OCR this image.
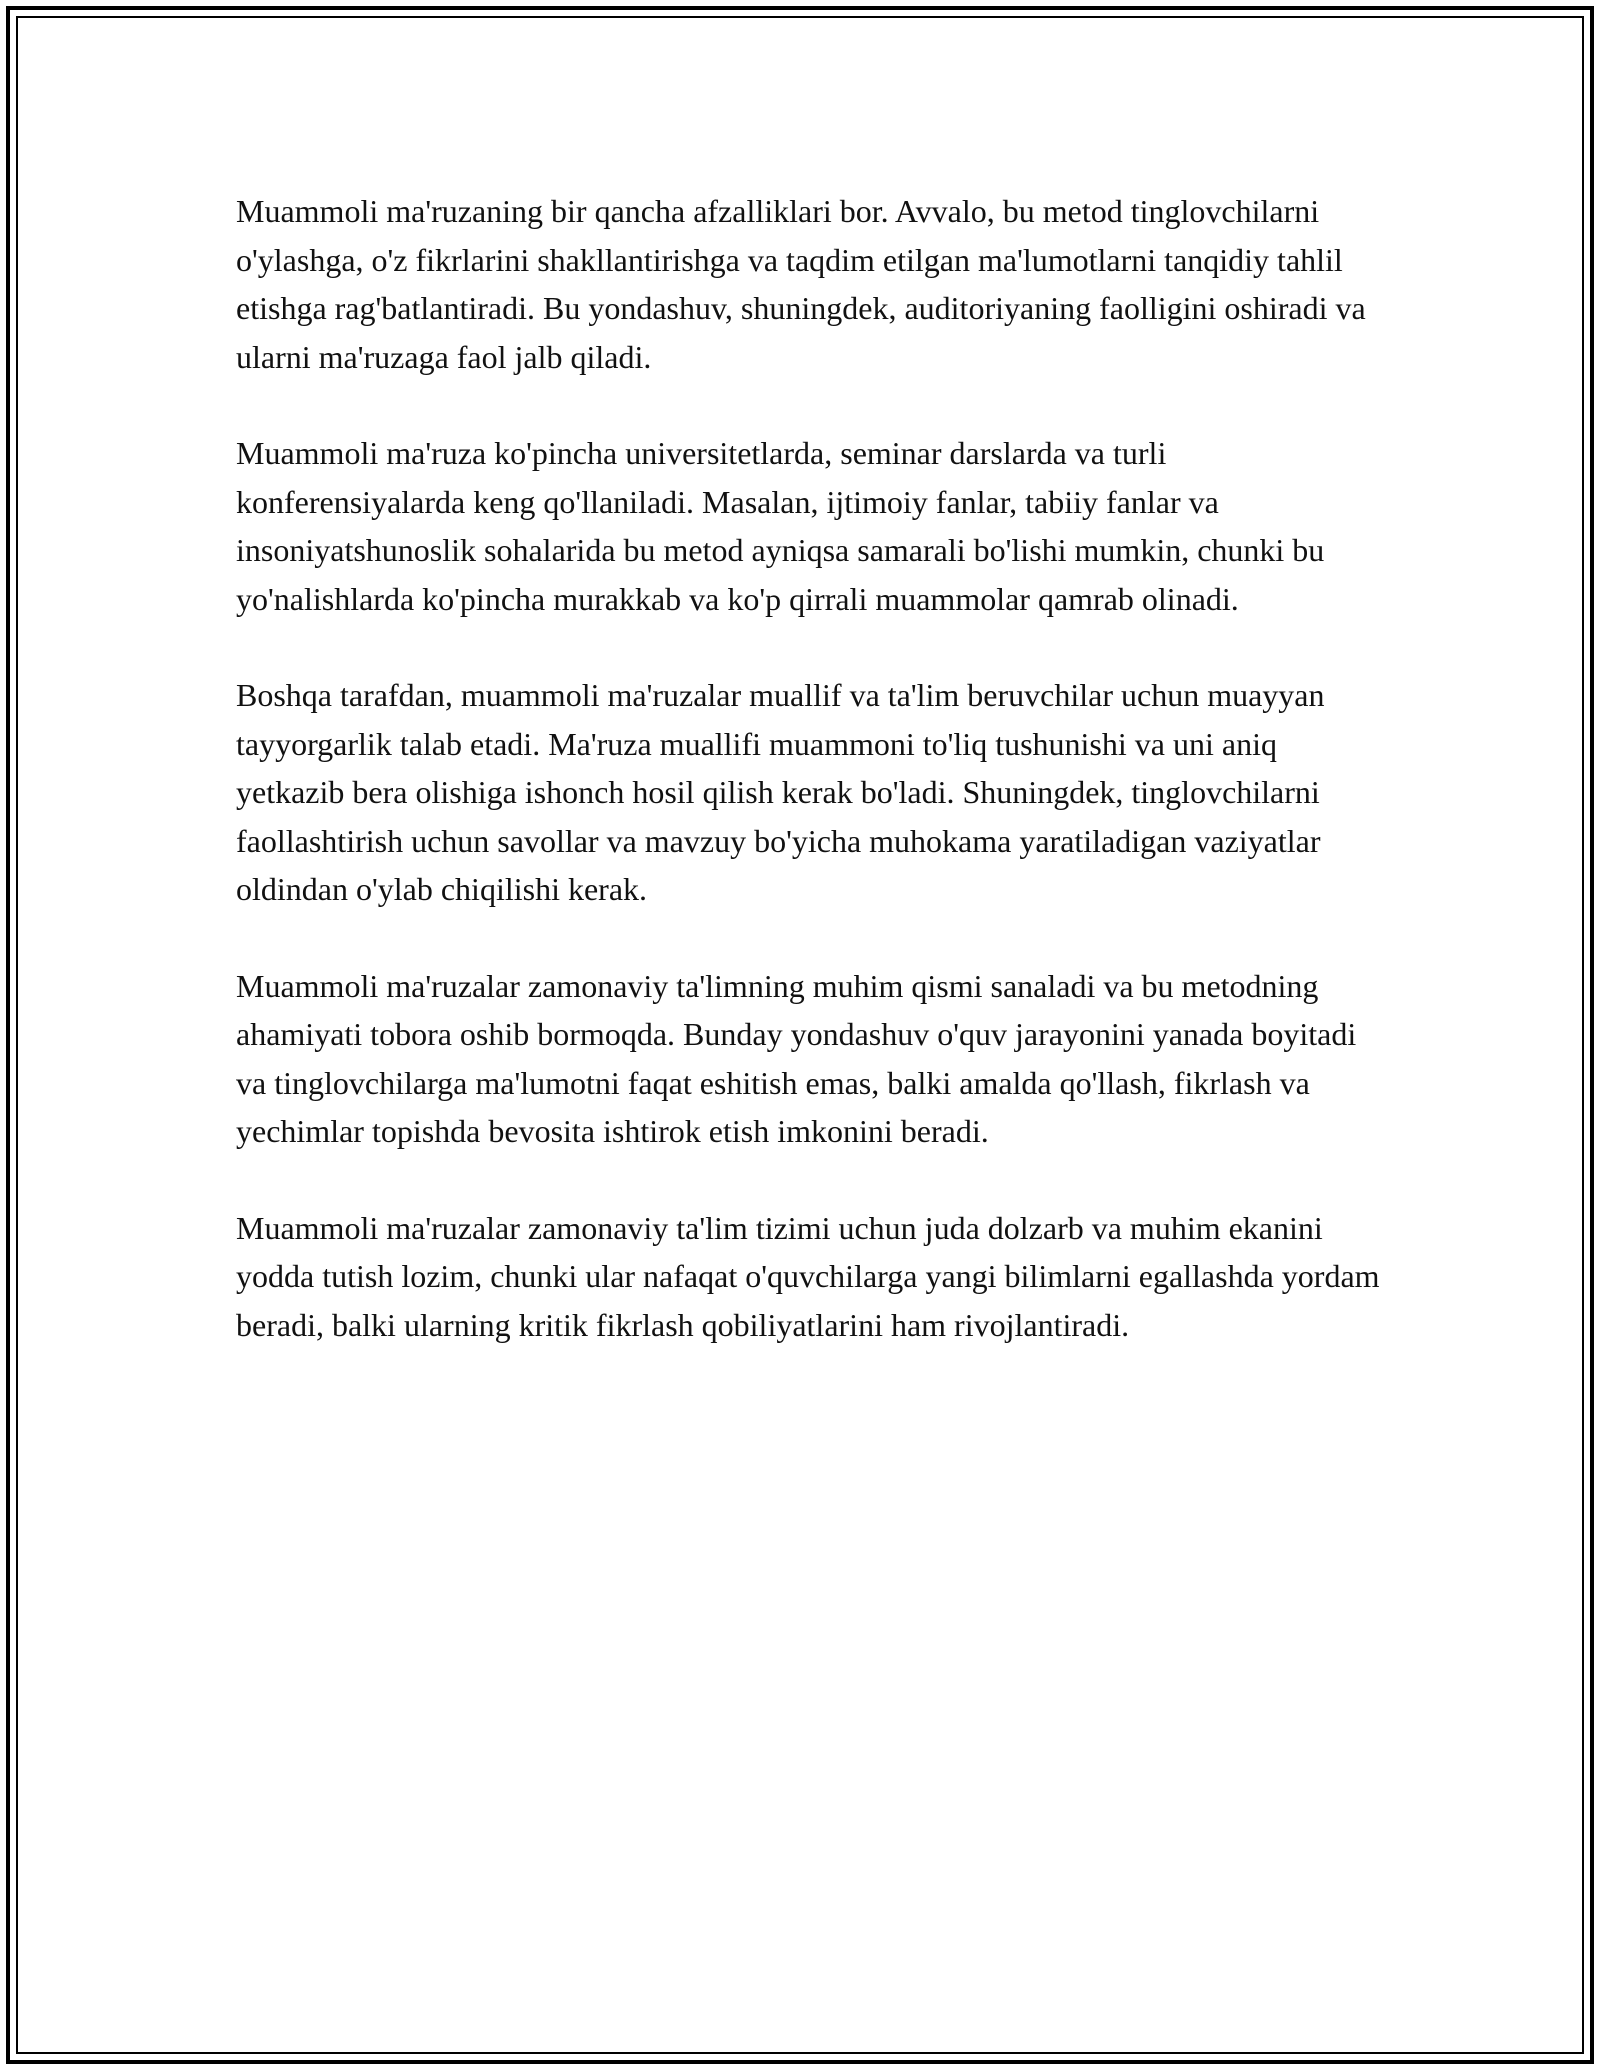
Muammoli ma'ruzaning bir qancha afzalliklari bor. Avvalo, bu metod tinglovchilarni o'ylashga, o'z fikrlarini shakllantirishga va taqdim etilgan ma'lumotlarni tanqidiy tahlil etishga rag'batlantiradi. Bu yondashuv, shuningdek, auditoriyaning faolligini oshiradi va ularni ma'ruzaga faol jalb qiladi.

Muammoli ma'ruza ko'pincha universitetlarda, seminar darslarda va turli konferensiyalarda keng qo'llaniladi. Masalan, ijtimoiy fanlar, tabiiy fanlar va insoniyatshunoslik sohalarida bu metod ayniqsa samarali bo'lishi mumkin, chunki bu yo'nalishlarda ko'pincha murakkab va ko'p qirrali muammolar qamrab olinadi.

Boshqa tarafdan, muammoli ma'ruzalar muallif va ta'lim beruvchilar uchun muayyan tayyorgarlik talab etadi. Ma'ruza muallifi muammoni to'liq tushunishi va uni aniq yetkazib bera olishiga ishonch hosil qilish kerak bo'ladi. Shuningdek, tinglovchilarni faollashtirish uchun savollar va mavzuy bo'yicha muhokama yaratiladigan vaziyatlar oldindan o'ylab chiqilishi kerak.

Muammoli ma'ruzalar zamonaviy ta'limning muhim qismi sanaladi va bu metodning ahamiyati tobora oshib bormoqda. Bunday yondashuv o'quv jarayonini yanada boyitadi va tinglovchilarga ma'lumotni faqat eshitish emas, balki amalda qo'llash, fikrlash va yechimlar topishda bevosita ishtirok etish imkonini beradi.

Muammoli ma'ruzalar zamonaviy ta'lim tizimi uchun juda dolzarb va muhim ekanini yodda tutish lozim, chunki ular nafaqat o'quvchilarga yangi bilimlarni egallashda yordam beradi, balki ularning kritik fikrlash qobiliyatlarini ham rivojlantiradi.
